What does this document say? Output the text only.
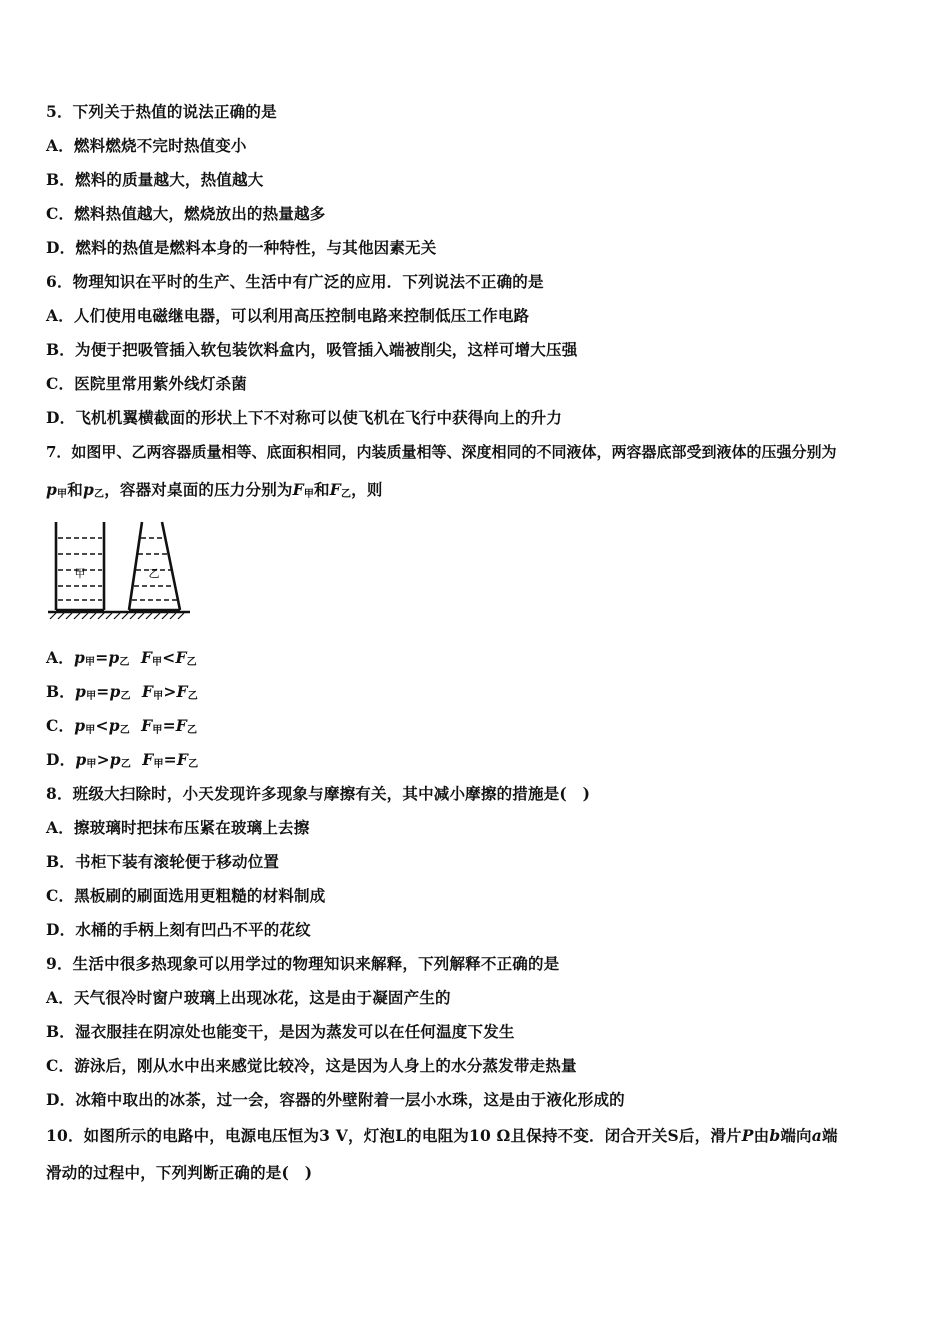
5．下列关于热值的说法正确的是
A．燃料燃烧不完时热值变小
B．燃料的质量越大，热值越大
C．燃料热值越大，燃烧放出的热量越多
D．燃料的热值是燃料本身的一种特性，与其他因素无关
6．物理知识在平时的生产、生活中有广泛的应用．下列说法不正确的是
A．人们使用电磁继电器，可以利用高压控制电路来控制低压工作电路
B．为便于把吸管插入软包装饮料盒内，吸管插入端被削尖，这样可增大压强
C．医院里常用紫外线灯杀菌
D．飞机机翼横截面的形状上下不对称可以使飞机在飞行中获得向上的升力
7．如图甲、乙两容器质量相等、底面积相同，内装质量相等、深度相同的不同液体，两容器底部受到液体的压强分别为
$p_甲$和$p_乙$，容器对桌面的压力分别为$F_甲$和$F_乙$，则
甲	乙
A．$p_甲=p_乙$ $F_甲<F_乙$
B．$p_甲=p_乙$ $F_甲>F_乙$
C．$p_甲<p_乙$ $F_甲=F_乙$
D．$p_甲>p_乙$ $F_甲=F_乙$
8．班级大扫除时，小天发现许多现象与摩擦有关，其中减小摩擦的措施是(　)
A．擦玻璃时把抹布压紧在玻璃上去擦
B．书柜下装有滚轮便于移动位置
C．黑板刷的刷面选用更粗糙的材料制成
D．水桶的手柄上刻有凹凸不平的花纹
9．生活中很多热现象可以用学过的物理知识来解释，下列解释不正确的是
A．天气很冷时窗户玻璃上出现冰花，这是由于凝固产生的
B．湿衣服挂在阴凉处也能变干，是因为蒸发可以在任何温度下发生
C．游泳后，刚从水中出来感觉比较冷，这是因为人身上的水分蒸发带走热量
D．冰箱中取出的冰茶，过一会，容器的外壁附着一层小水珠，这是由于液化形成的
10．如图所示的电路中，电源电压恒为3 V，灯泡L的电阻为10 Ω且保持不变．闭合开关S后，滑片P由b端向a端
滑动的过程中，下列判断正确的是(　)
